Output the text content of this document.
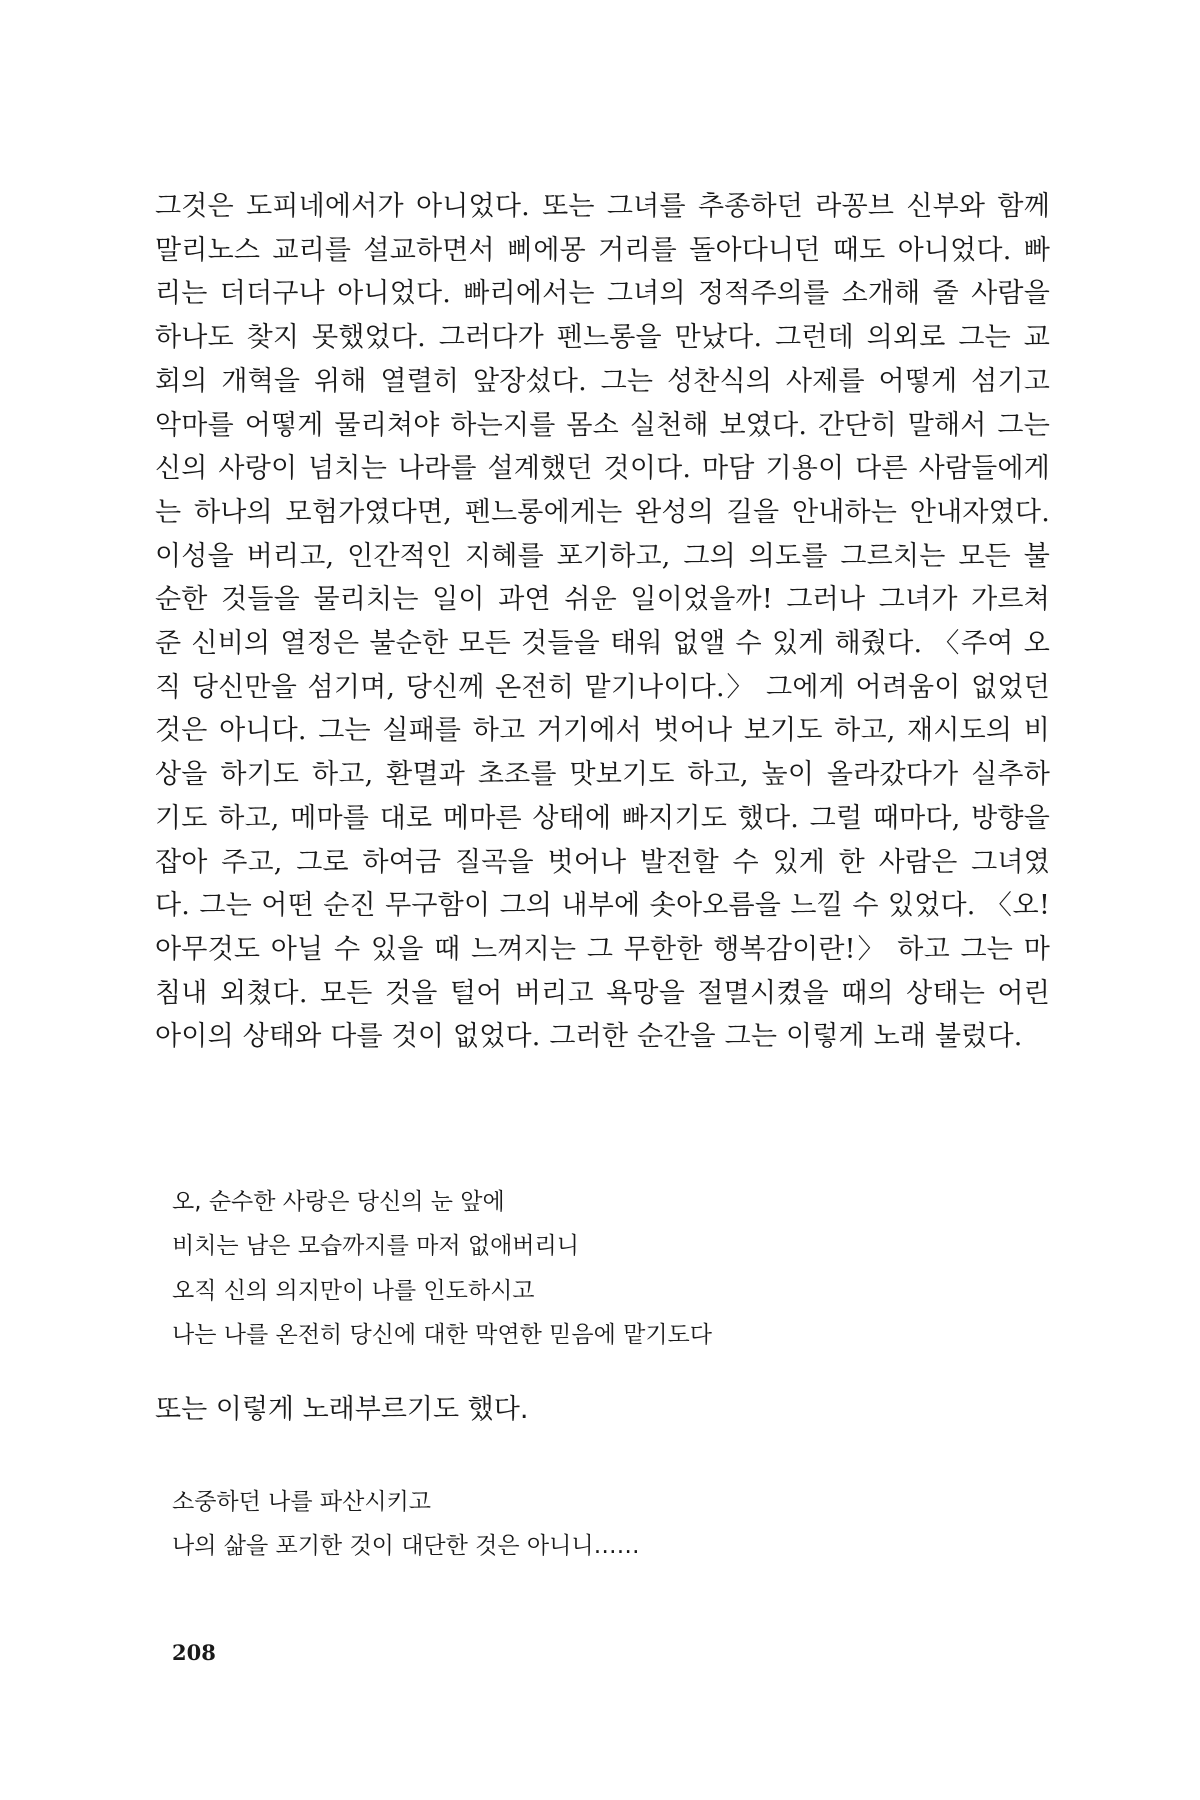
그것은 도피네에서가 아니었다. 또는 그녀를 추종하던 라꽁브 신부와 함께
말리노스 교리를 설교하면서 삐에몽 거리를 돌아다니던 때도 아니었다. 빠
리는 더더구나 아니었다. 빠리에서는 그녀의 정적주의를 소개해 줄 사람을
하나도 찾지 못했었다. 그러다가 펜느롱을 만났다. 그런데 의외로 그는 교
회의 개혁을 위해 열렬히 앞장섰다. 그는 성찬식의 사제를 어떻게 섬기고
악마를 어떻게 물리쳐야 하는지를 몸소 실천해 보였다. 간단히 말해서 그는
신의 사랑이 넘치는 나라를 설계했던 것이다. 마담 기용이 다른 사람들에게
는 하나의 모험가였다면, 펜느롱에게는 완성의 길을 안내하는 안내자였다.
이성을 버리고, 인간적인 지혜를 포기하고, 그의 의도를 그르치는 모든 불
순한 것들을 물리치는 일이 과연 쉬운 일이었을까! 그러나 그녀가 가르쳐
준 신비의 열정은 불순한 모든 것들을 태워 없앨 수 있게 해줬다. 〈주여 오
직 당신만을 섬기며, 당신께 온전히 맡기나이다.〉 그에게 어려움이 없었던
것은 아니다. 그는 실패를 하고 거기에서 벗어나 보기도 하고, 재시도의 비
상을 하기도 하고, 환멸과 초조를 맛보기도 하고, 높이 올라갔다가 실추하
기도 하고, 메마를 대로 메마른 상태에 빠지기도 했다. 그럴 때마다, 방향을
잡아 주고, 그로 하여금 질곡을 벗어나 발전할 수 있게 한 사람은 그녀였
다. 그는 어떤 순진 무구함이 그의 내부에 솟아오름을 느낄 수 있었다. 〈오!
아무것도 아닐 수 있을 때 느껴지는 그 무한한 행복감이란!〉 하고 그는 마
침내 외쳤다. 모든 것을 털어 버리고 욕망을 절멸시켰을 때의 상태는 어린
아이의 상태와 다를 것이 없었다. 그러한 순간을 그는 이렇게 노래 불렀다.
오, 순수한 사랑은 당신의 눈 앞에
비치는 남은 모습까지를 마저 없애버리니
오직 신의 의지만이 나를 인도하시고
나는 나를 온전히 당신에 대한 막연한 믿음에 맡기도다

또는 이렇게 노래부르기도 했다.

소중하던 나를 파산시키고
나의 삶을 포기한 것이 대단한 것은 아니니……
208
